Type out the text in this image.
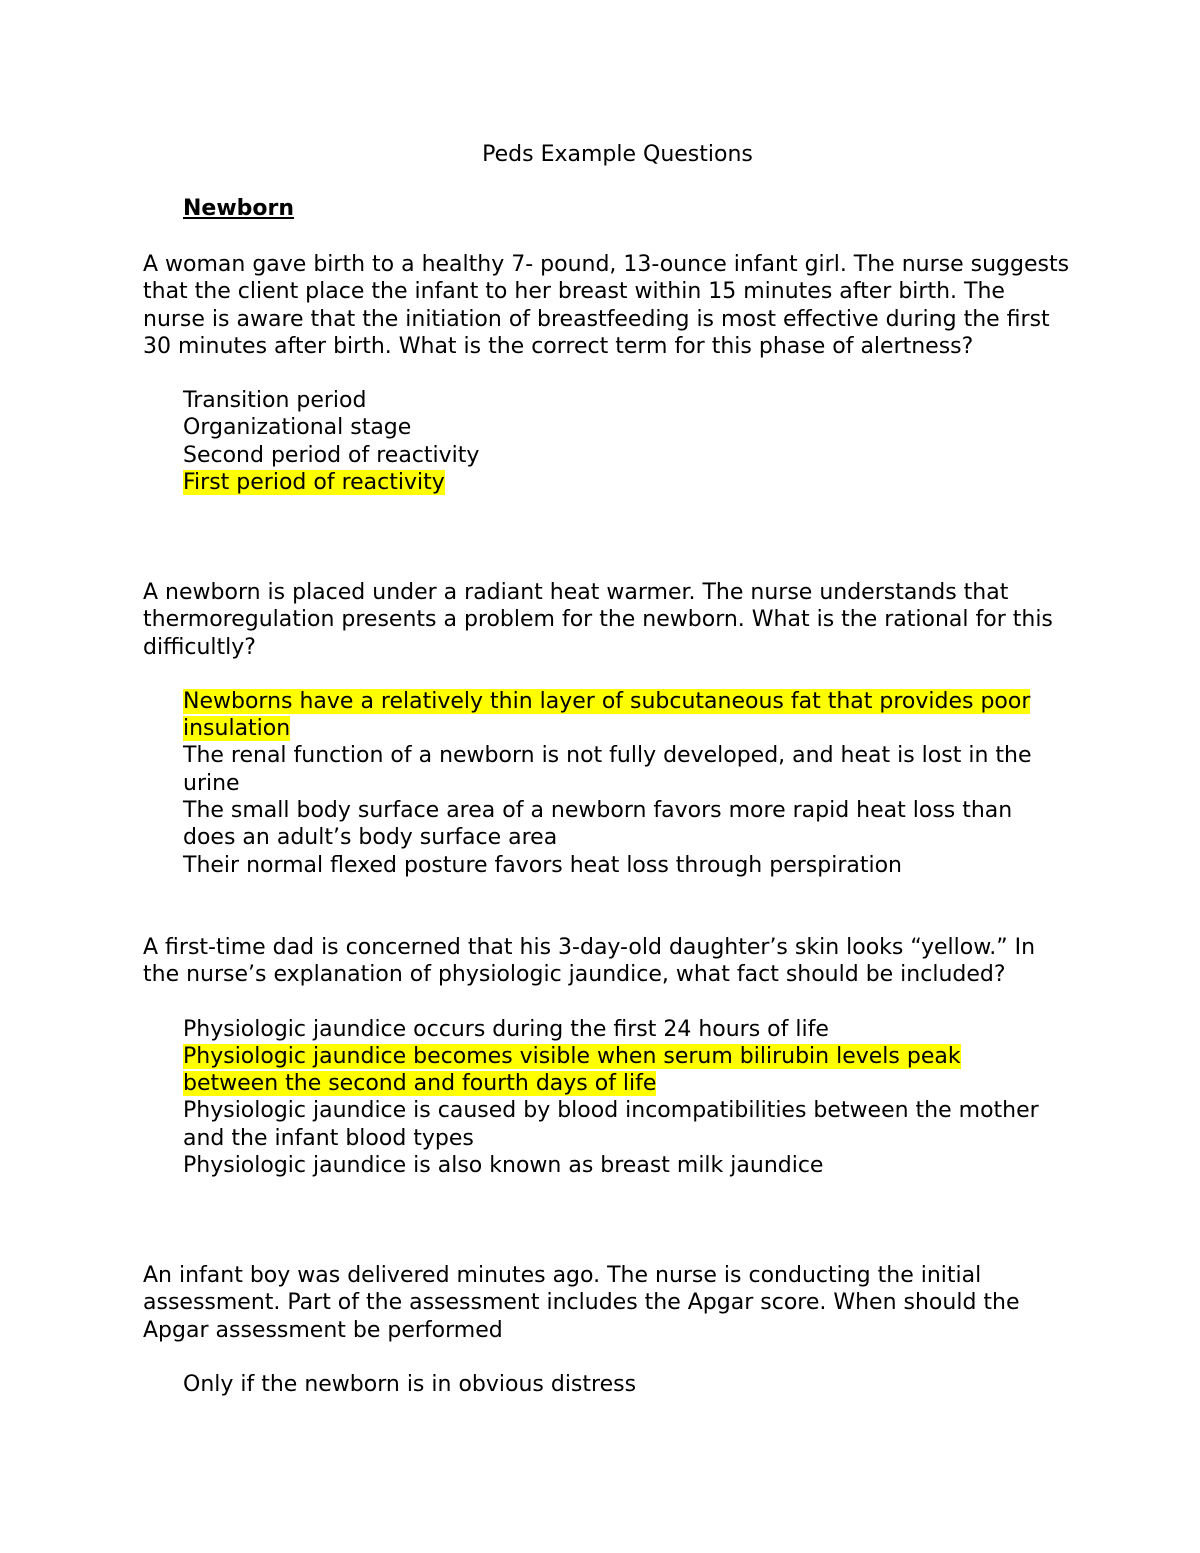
Peds Example Questions
Newborn

A woman gave birth to a healthy 7- pound, 13-ounce infant girl. The nurse suggests that the client place the infant to her breast within 15 minutes after birth. The nurse is aware that the initiation of breastfeeding is most effective during the first 30 minutes after birth. What is the correct term for this phase of alertness?

Transition period
Organizational stage
Second period of reactivity
First period of reactivity

A newborn is placed under a radiant heat warmer. The nurse understands that thermoregulation presents a problem for the newborn. What is the rational for this difficultly?

Newborns have a relatively thin layer of subcutaneous fat that provides poor insulation
The renal function of a newborn is not fully developed, and heat is lost in the urine
The small body surface area of a newborn favors more rapid heat loss than does an adult’s body surface area
Their normal flexed posture favors heat loss through perspiration

A first-time dad is concerned that his 3-day-old daughter’s skin looks “yellow.” In the nurse’s explanation of physiologic jaundice, what fact should be included?

Physiologic jaundice occurs during the first 24 hours of life
Physiologic jaundice becomes visible when serum bilirubin levels peak between the second and fourth days of life
Physiologic jaundice is caused by blood incompatibilities between the mother and the infant blood types
Physiologic jaundice is also known as breast milk jaundice

An infant boy was delivered minutes ago. The nurse is conducting the initial assessment. Part of the assessment includes the Apgar score. When should the Apgar assessment be performed

Only if the newborn is in obvious distress
